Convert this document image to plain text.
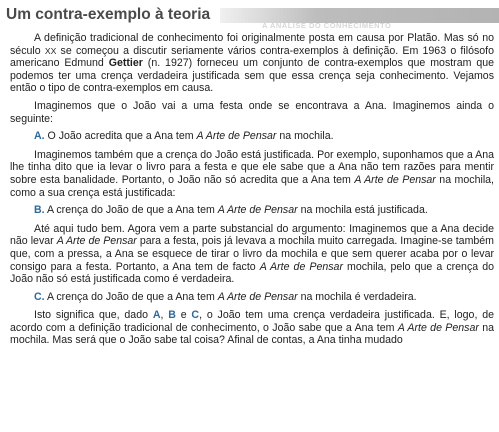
Um contra-exemplo à teoria
A ANALISE DO CONHECIMENTO

A definição tradicional de conhecimento foi originalmente posta em causa por Platão. Mas só no século XX se começou a discutir seriamente vários contra-exemplos à definição. Em 1963 o filósofo americano Edmund Gettier (n. 1927) forneceu um conjunto de contra-exemplos que mostram que podemos ter uma crença verdadeira justificada sem que essa crença seja conhecimento. Vejamos então o tipo de contra-exemplos em causa.

Imaginemos que o João vai a uma festa onde se encontrava a Ana. Imaginemos ainda o seguinte:

A. O João acredita que a Ana tem A Arte de Pensar na mochila.

Imaginemos também que a crença do João está justificada. Por exemplo, suponhamos que a Ana lhe tinha dito que ia levar o livro para a festa e que ele sabe que a Ana não tem razões para mentir sobre esta banalidade. Portanto, o João não só acredita que a Ana tem A Arte de Pensar na mochila, como a sua crença está justificada:

B. A crença do João de que a Ana tem A Arte de Pensar na mochila está justificada.

Até aqui tudo bem. Agora vem a parte substancial do argumento: Imaginemos que a Ana decide não levar A Arte de Pensar para a festa, pois já levava a mochila muito carregada. Imagine-se também que, com a pressa, a Ana se esquece de tirar o livro da mochila e que sem querer acaba por o levar consigo para a festa. Portanto, a Ana tem de facto A Arte de Pensar mochila, pelo que a crença do João não só está justificada como é verdadeira.

C. A crença do João de que a Ana tem A Arte de Pensar na mochila é verdadeira.

Isto significa que, dado A, B e C, o João tem uma crença verdadeira justificada. E, logo, de acordo com a definição tradicional de conhecimento, o João sabe que a Ana tem A Arte de Pensar na mochila. Mas será que o João sabe tal coisa? Afinal de contas, a Ana tinha mudado
